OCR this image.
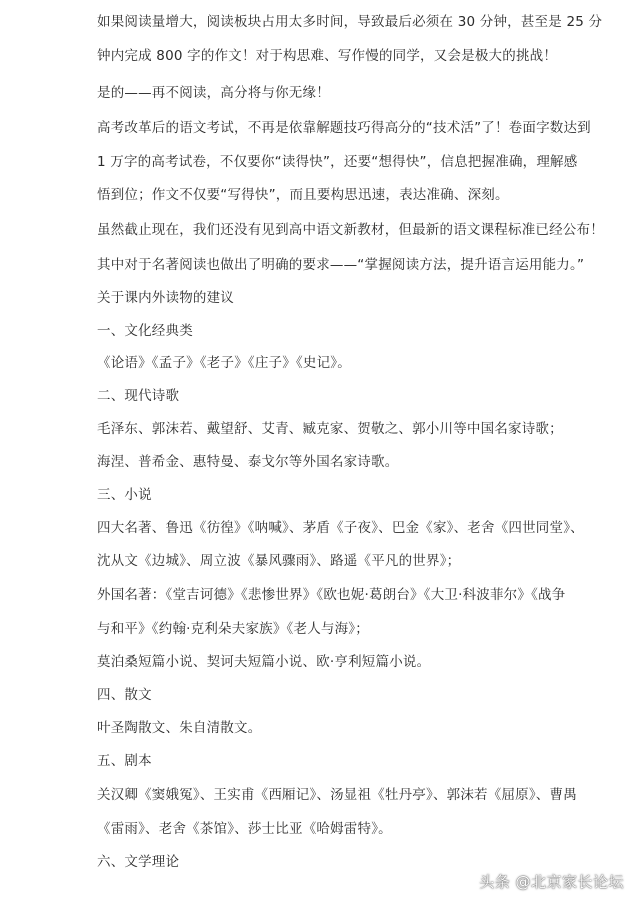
如果阅读量增大，阅读板块占用太多时间，导致最后必须在 30 分钟，甚至是 25 分
钟内完成 800 字的作文！对于构思难、写作慢的同学，又会是极大的挑战！
是的——再不阅读，高分将与你无缘！
高考改革后的语文考试，不再是依靠解题技巧得高分的“技术活”了！卷面字数达到
1 万字的高考试卷，不仅要你“读得快”，还要“想得快”，信息把握准确，理解感
悟到位；作文不仅要“写得快”，而且要构思迅速，表达准确、深刻。
虽然截止现在，我们还没有见到高中语文新教材，但最新的语文课程标准已经公布！
其中对于名著阅读也做出了明确的要求——“掌握阅读方法，提升语言运用能力。”
关于课内外读物的建议
一、文化经典类
《论语》《孟子》《老子》《庄子》《史记》。
二、现代诗歌
毛泽东、郭沫若、戴望舒、艾青、臧克家、贺敬之、郭小川等中国名家诗歌；
海涅、普希金、惠特曼、泰戈尔等外国名家诗歌。
三、小说
四大名著、鲁迅《彷徨》《呐喊》、茅盾《子夜》、巴金《家》、老舍《四世同堂》、
沈从文《边城》、周立波《暴风骤雨》、路遥《平凡的世界》；
外国名著：《堂吉诃德》《悲惨世界》《欧也妮·葛朗台》《大卫·科波菲尔》《战争
与和平》《约翰·克利朵夫家族》《老人与海》；
莫泊桑短篇小说、契诃夫短篇小说、欧·亨利短篇小说。
四、散文
叶圣陶散文、朱自清散文。
五、剧本
关汉卿《窦娥冤》、王实甫《西厢记》、汤显祖《牡丹亭》、郭沫若《屈原》、曹禺
《雷雨》、老舍《茶馆》、莎士比亚《哈姆雷特》。
六、文学理论
头条 @北京家长论坛
